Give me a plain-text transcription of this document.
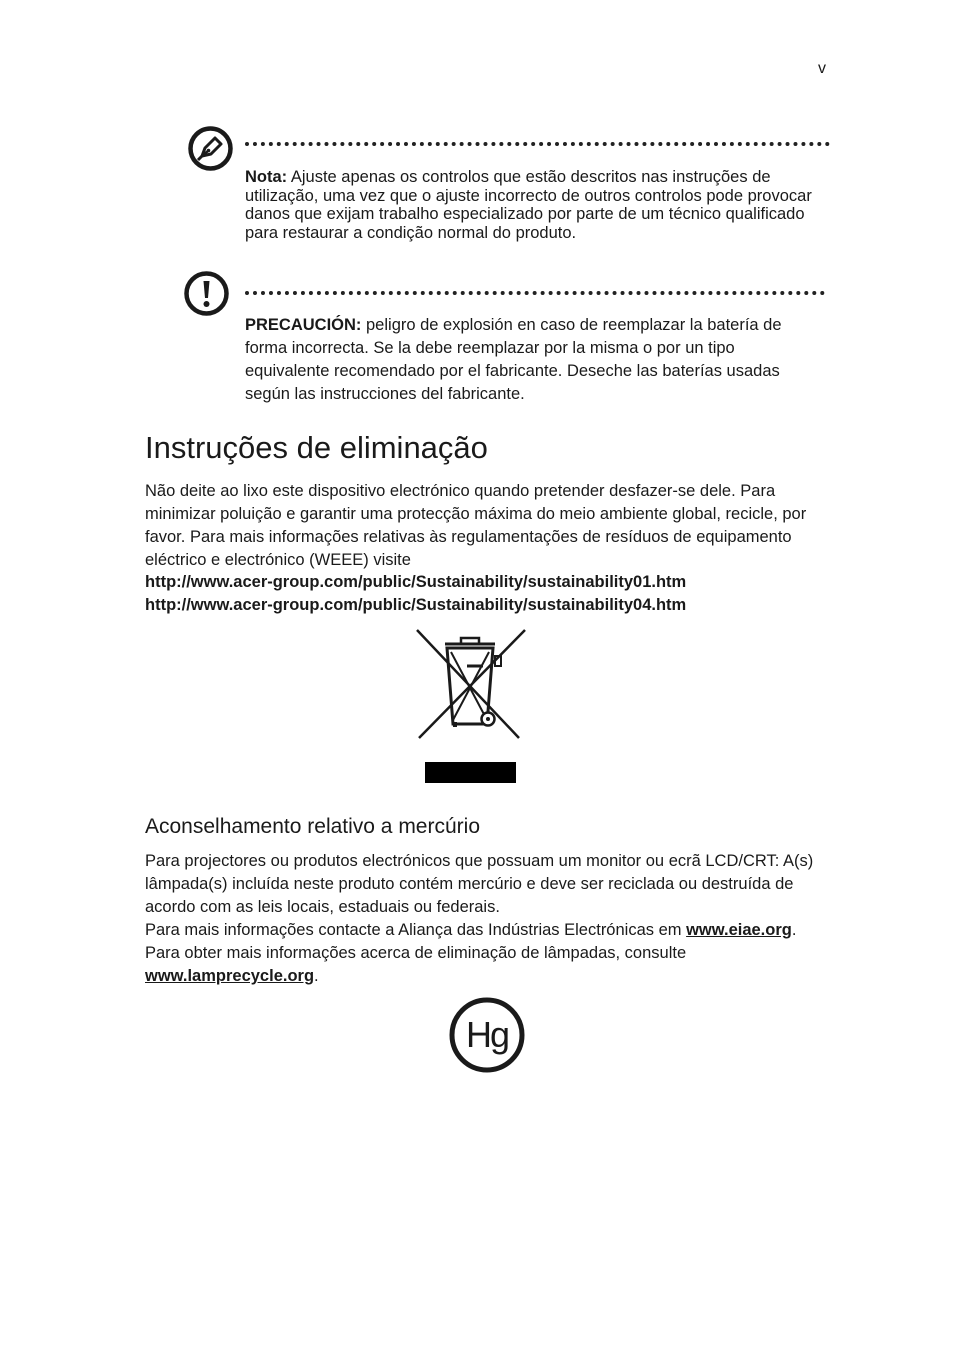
v
Nota: Ajuste apenas os controlos que estão descritos nas instruções de utilização, uma vez que o ajuste incorrecto de outros controlos pode provocar danos que exijam trabalho especializado por parte de um técnico qualificado para restaurar a condição normal do produto.
PRECAUCIÓN: peligro de explosión en caso de reemplazar la batería de forma incorrecta. Se la debe reemplazar por la misma o por un tipo equivalente recomendado por el fabricante. Deseche las baterías usadas según las instrucciones del fabricante.
Instruções de eliminação

Não deite ao lixo este dispositivo electrónico quando pretender desfazer-se dele. Para minimizar poluição e garantir uma protecção máxima do meio ambiente global, recicle, por favor. Para mais informações relativas às regulamentações de resíduos de equipamento eléctrico e electrónico (WEEE) visite

http://www.acer-group.com/public/Sustainability/sustainability01.htm
http://www.acer-group.com/public/Sustainability/sustainability04.htm
Aconselhamento relativo a mercúrio

Para projectores ou produtos electrónicos que possuam um monitor ou ecrã LCD/CRT: A(s) lâmpada(s) incluída neste produto contém mercúrio e deve ser reciclada ou destruída de acordo com as leis locais, estaduais ou federais.

Para mais informações contacte a Aliança das Indústrias Electrónicas em www.eiae.org. Para obter mais informações acerca de eliminação de lâmpadas, consulte www.lamprecycle.org.

Hg
